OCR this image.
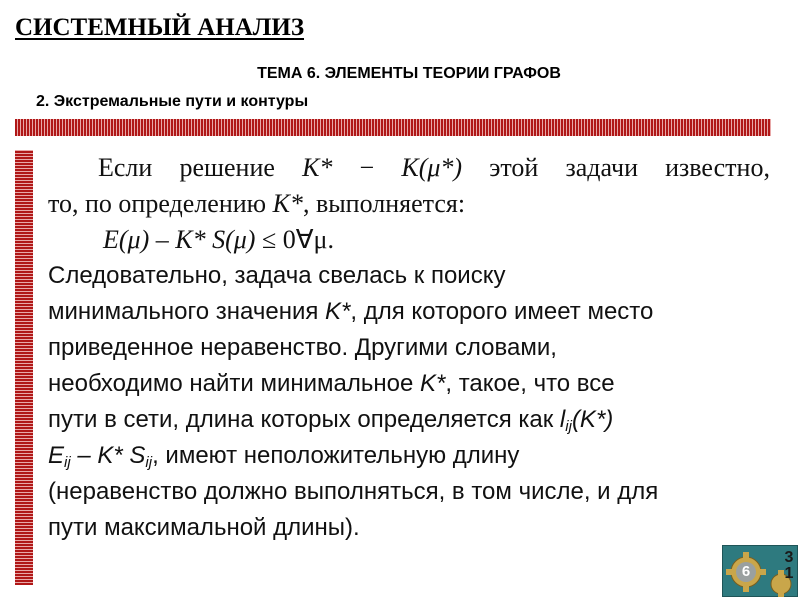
СИСТЕМНЫЙ АНАЛИЗ
ТЕМА 6. ЭЛЕМЕНТЫ ТЕОРИИ ГРАФОВ
2. Экстремальные пути и контуры
Если решение K* − K(μ*) этой задачи известно,
то, по определению K*, выполняется:
E(μ) – K* S(μ) ≤ 0∀μ.
Следовательно, задача свелась к поиску
минимального значения K*, для которого имеет место
приведенное неравенство. Другими словами,
необходимо найти минимальное K*, такое, что все
пути в сети, длина которых определяется как $l_{ij}(K*)$
$E_{ij} - K*$ $S_{ij}$, имеют неположительную длину
(неравенство должно выполняться, в том числе, и для
пути максимальной длины).
6
31
